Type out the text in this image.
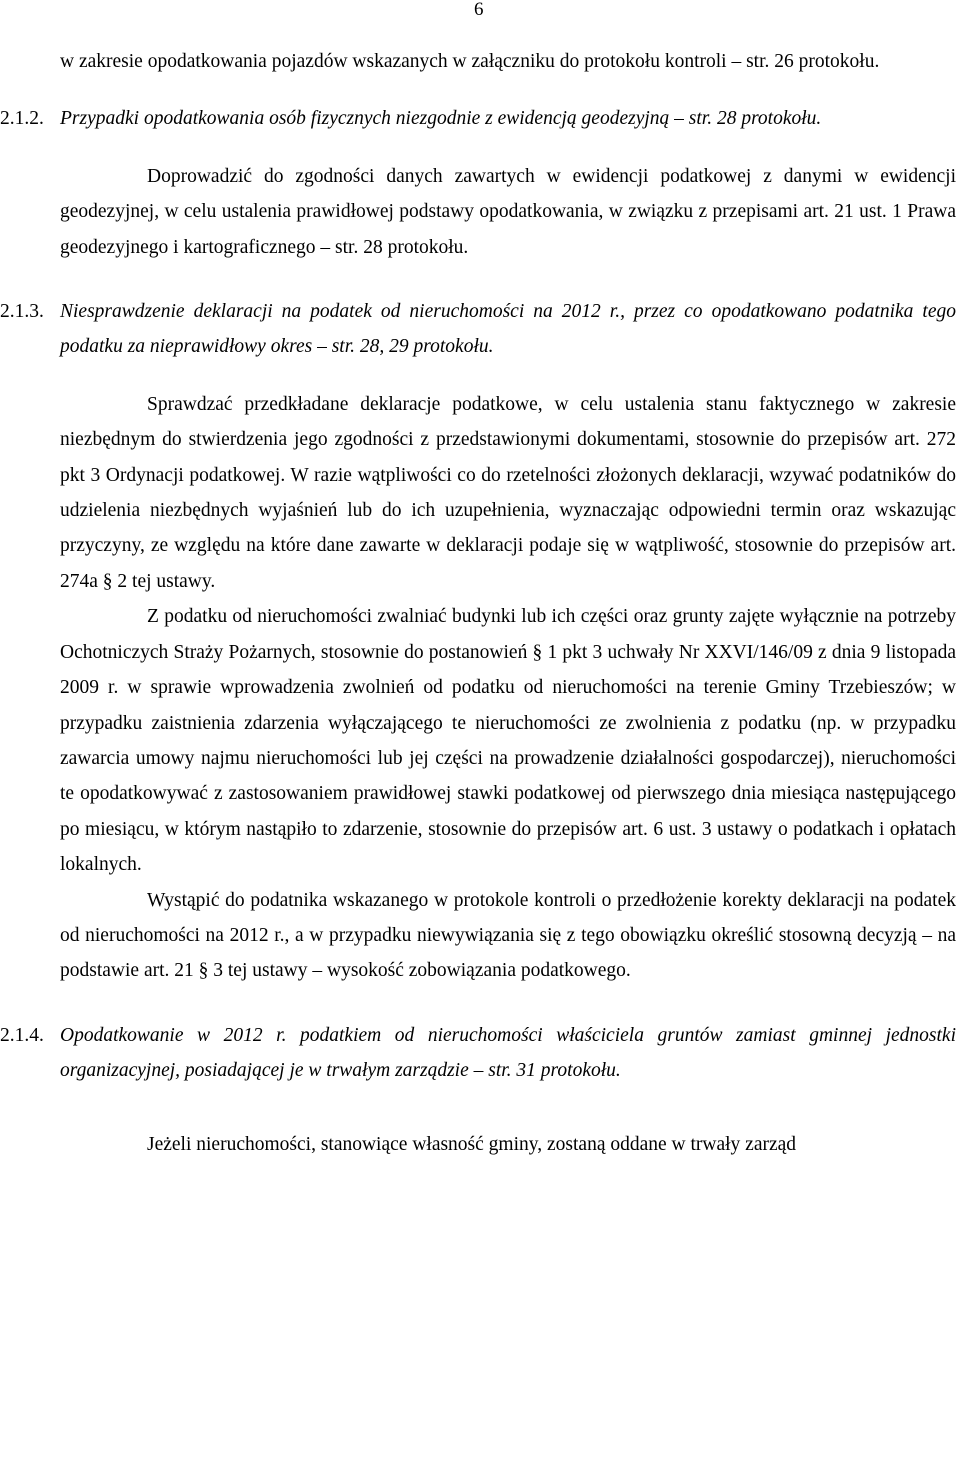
6

w zakresie opodatkowania pojazdów wskazanych w załączniku do protokołu kontroli – str. 26 protokołu.

2.1.2. Przypadki opodatkowania osób fizycznych niezgodnie z ewidencją geodezyjną – str. 28 protokołu.

Doprowadzić do zgodności danych zawartych w ewidencji podatkowej z danymi w ewidencji geodezyjnej, w celu ustalenia prawidłowej podstawy opodatkowania, w związku z przepisami art. 21 ust. 1 Prawa geodezyjnego i kartograficznego – str. 28 protokołu.

2.1.3. Niesprawdzenie deklaracji na podatek od nieruchomości na 2012 r., przez co opodatkowano podatnika tego podatku za nieprawidłowy okres – str. 28, 29 protokołu.

Sprawdzać przedkładane deklaracje podatkowe, w celu ustalenia stanu faktycznego w zakresie niezbędnym do stwierdzenia jego zgodności z przedstawionymi dokumentami, stosownie do przepisów art. 272 pkt 3 Ordynacji podatkowej. W razie wątpliwości co do rzetelności złożonych deklaracji, wzywać podatników do udzielenia niezbędnych wyjaśnień lub do ich uzupełnienia, wyznaczając odpowiedni termin oraz wskazując przyczyny, ze względu na które dane zawarte w deklaracji podaje się w wątpliwość, stosownie do przepisów art. 274a § 2 tej ustawy.

Z podatku od nieruchomości zwalniać budynki lub ich części oraz grunty zajęte wyłącznie na potrzeby Ochotniczych Straży Pożarnych, stosownie do postanowień § 1 pkt 3 uchwały Nr XXVI/146/09 z dnia 9 listopada 2009 r. w sprawie wprowadzenia zwolnień od podatku od nieruchomości na terenie Gminy Trzebieszów; w przypadku zaistnienia zdarzenia wyłączającego te nieruchomości ze zwolnienia z podatku (np. w przypadku zawarcia umowy najmu nieruchomości lub jej części na prowadzenie działalności gospodarczej), nieruchomości te opodatkowywać z zastosowaniem prawidłowej stawki podatkowej od pierwszego dnia miesiąca następującego po miesiącu, w którym nastąpiło to zdarzenie, stosownie do przepisów art. 6 ust. 3 ustawy o podatkach i opłatach lokalnych.

Wystąpić do podatnika wskazanego w protokole kontroli o przedłożenie korekty deklaracji na podatek od nieruchomości na 2012 r., a w przypadku niewywiązania się z tego obowiązku określić stosowną decyzją – na podstawie art. 21 § 3 tej ustawy – wysokość zobowiązania podatkowego.

2.1.4. Opodatkowanie w 2012 r. podatkiem od nieruchomości właściciela gruntów zamiast gminnej jednostki organizacyjnej, posiadającej je w trwałym zarządzie – str. 31 protokołu.

Jeżeli nieruchomości, stanowiące własność gminy, zostaną oddane w trwały zarząd
